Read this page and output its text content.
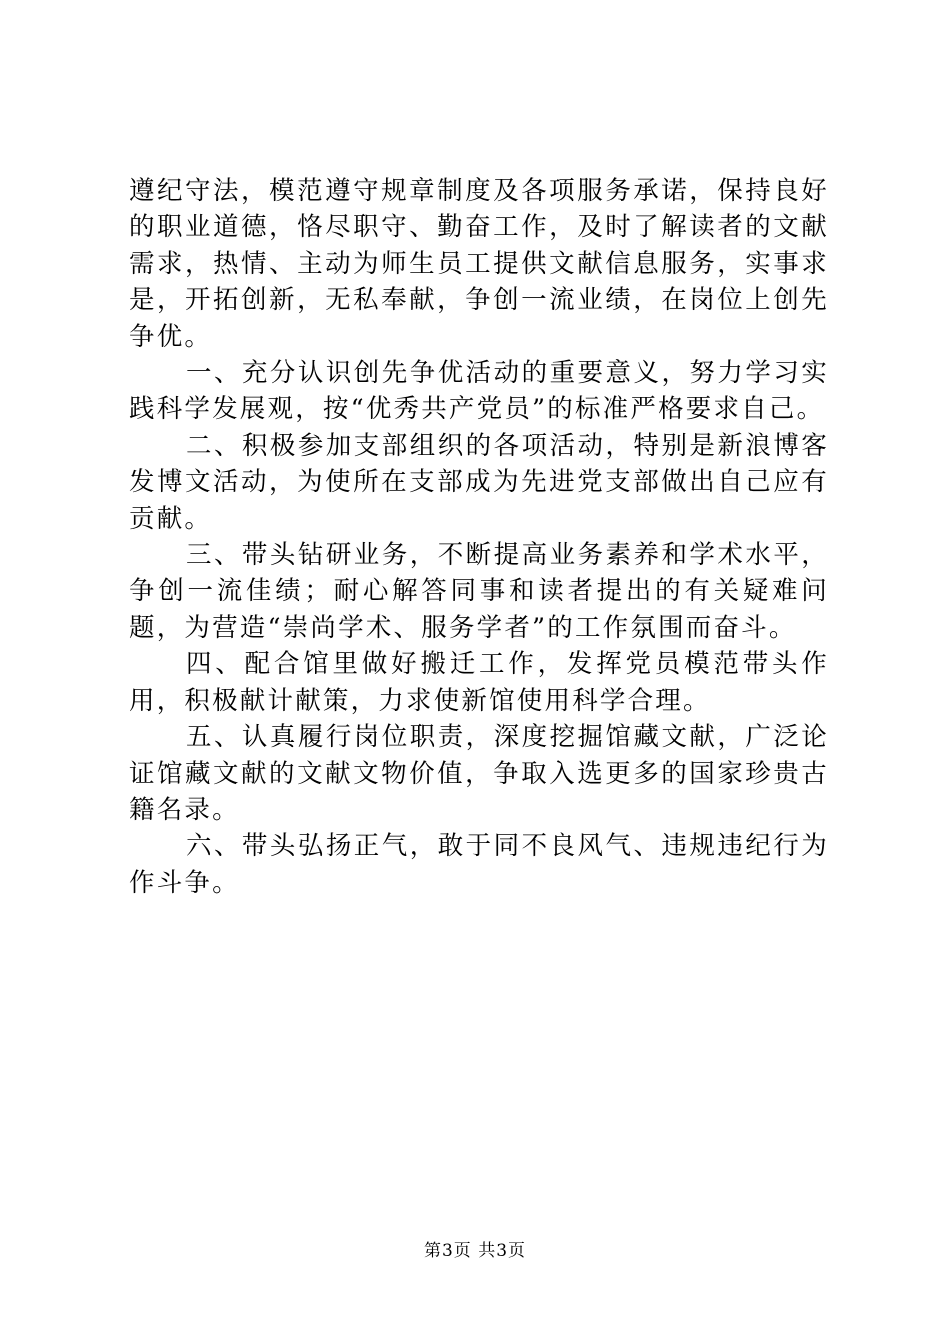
遵纪守法，模范遵守规章制度及各项服务承诺，保持良好的职业道德，恪尽职守、勤奋工作，及时了解读者的文献需求，热情、主动为师生员工提供文献信息服务，实事求是，开拓创新，无私奉献，争创一流业绩，在岗位上创先争优。

一、充分认识创先争优活动的重要意义，努力学习实践科学发展观，按“优秀共产党员”的标准严格要求自己。

二、积极参加支部组织的各项活动，特别是新浪博客发博文活动，为使所在支部成为先进党支部做出自己应有贡献。

三、带头钻研业务，不断提高业务素养和学术水平，争创一流佳绩；耐心解答同事和读者提出的有关疑难问题，为营造“崇尚学术、服务学者”的工作氛围而奋斗。

四、配合馆里做好搬迁工作，发挥党员模范带头作用，积极献计献策，力求使新馆使用科学合理。

五、认真履行岗位职责，深度挖掘馆藏文献，广泛论证馆藏文献的文献文物价值，争取入选更多的国家珍贵古籍名录。

六、带头弘扬正气，敢于同不良风气、违规违纪行为作斗争。

第3页 共3页
